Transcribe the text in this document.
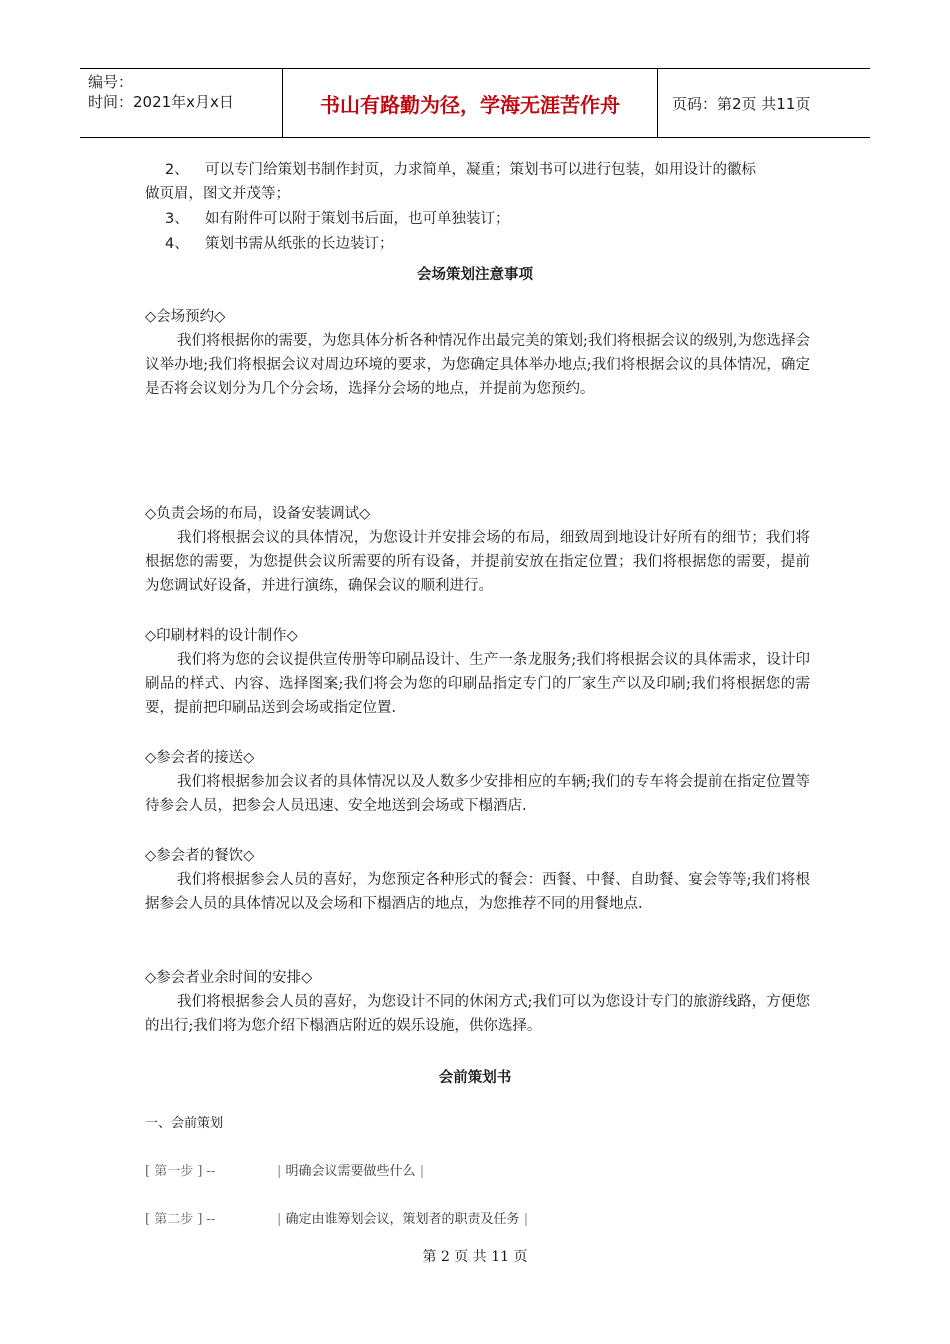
编号：
时间：2021年x月x日	书山有路勤为径，学海无涯苦作舟	页码：第2页 共11页
2、 可以专门给策划书制作封页，力求简单，凝重；策划书可以进行包装，如用设计的徽标
做页眉，图文并茂等；
3、 如有附件可以附于策划书后面，也可单独装订；
4、 策划书需从纸张的长边装订；
会场策划注意事项
◇会场预约◇

我们将根据你的需要，为您具体分析各种情况作出最完美的策划;我们将根据会议的级别,为您选择会议举办地;我们将根据会议对周边环境的要求，为您确定具体举办地点;我们将根据会议的具体情况，确定是否将会议划分为几个分会场，选择分会场的地点，并提前为您预约。

◇负责会场的布局，设备安装调试◇

我们将根据会议的具体情况，为您设计并安排会场的布局，细致周到地设计好所有的细节；我们将根据您的需要，为您提供会议所需要的所有设备，并提前安放在指定位置；我们将根据您的需要，提前为您调试好设备，并进行演练，确保会议的顺利进行。

◇印刷材料的设计制作◇

我们将为您的会议提供宣传册等印刷品设计、生产一条龙服务;我们将根据会议的具体需求，设计印刷品的样式、内容、选择图案;我们将会为您的印刷品指定专门的厂家生产以及印刷;我们将根据您的需要，提前把印刷品送到会场或指定位置.

◇参会者的接送◇

我们将根据参加会议者的具体情况以及人数多少安排相应的车辆;我们的专车将会提前在指定位置等待参会人员，把参会人员迅速、安全地送到会场或下榻酒店.

◇参会者的餐饮◇

我们将根据参会人员的喜好，为您预定各种形式的餐会：西餐、中餐、自助餐、宴会等等;我们将根据参会人员的具体情况以及会场和下榻酒店的地点，为您推荐不同的用餐地点.

◇参会者业余时间的安排◇

我们将根据参会人员的喜好，为您设计不同的休闲方式;我们可以为您设计专门的旅游线路，方便您的出行;我们将为您介绍下榻酒店附近的娱乐设施，供你选择。

会前策划书
一、会前策划
[ 第一步 ] --	| 明确会议需要做些什么 |
[ 第二步 ] --	| 确定由谁筹划会议，策划者的职责及任务 |
第 2 页 共 11 页
